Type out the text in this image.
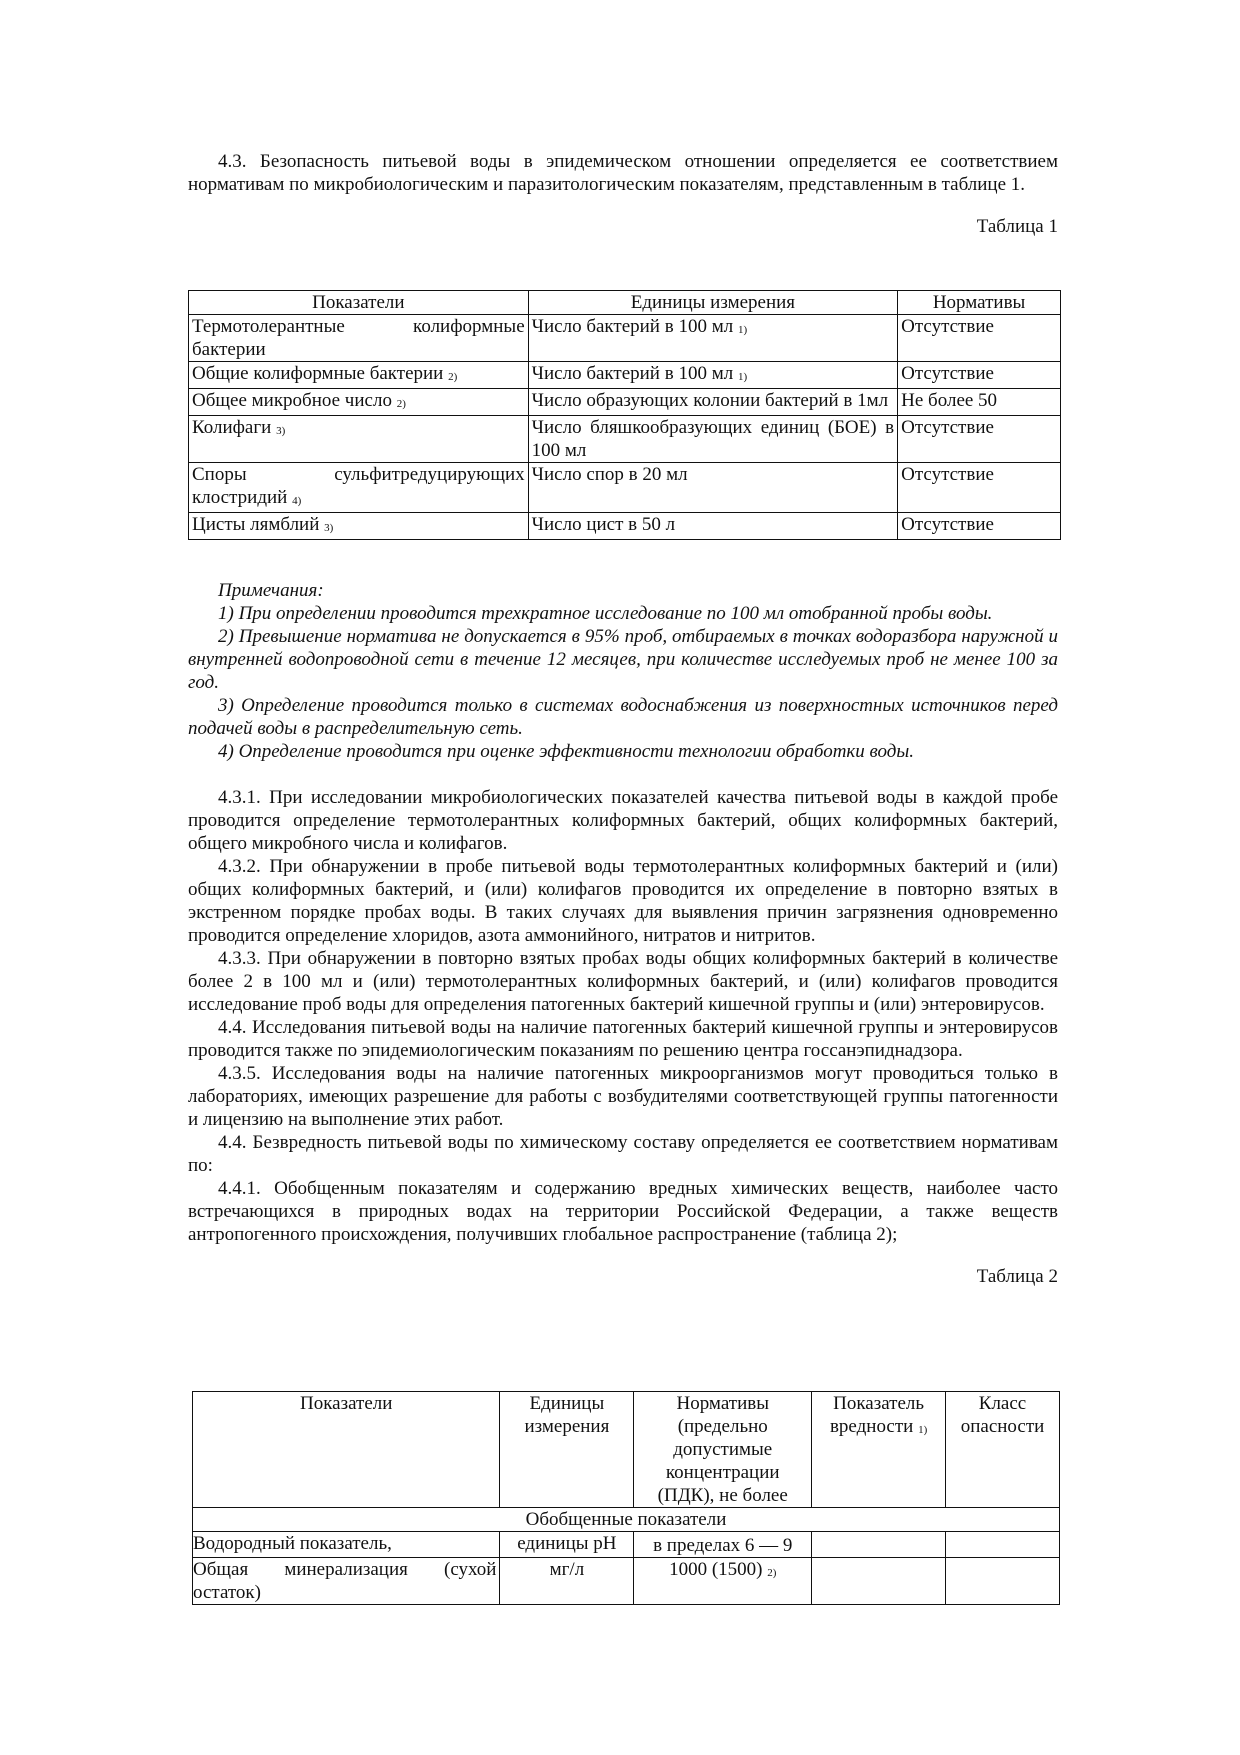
4.3. Безопасность питьевой воды в эпидемическом отношении определяется ее соответствием нормативам по микробиологическим и паразитологическим показателям, представленным в таблице 1.

Таблица 1

Показатели	Единицы измерения	Нормативы
Термотолерантные колиформные бактерии	Число бактерий в 100 мл $_{1)}$	Отсутствие
Общие колиформные бактерии $_{2)}$	Число бактерий в 100 мл $_{1)}$	Отсутствие
Общее микробное число $_{2)}$	Число образующих колонии бактерий в 1мл	Не более 50
Колифаги $_{3)}$	Число бляшкообразующих единиц (БОЕ) в 100 мл	Отсутствие
Споры сульфитредуцирующих клостридий $_{4)}$	Число спор в 20 мл	Отсутствие
Цисты лямблий $_{3)}$	Число цист в 50 л	Отсутствие

Примечания:

1) При определении проводится трехкратное исследование по 100 мл отобранной пробы воды.

2) Превышение норматива не допускается в 95% проб, отбираемых в точках водоразбора наружной и внутренней водопроводной сети в течение 12 месяцев, при количестве исследуемых проб не менее 100 за год.

3) Определение проводится только в системах водоснабжения из поверхностных источников перед подачей воды в распределительную сеть.

4) Определение проводится при оценке эффективности технологии обработки воды.

4.3.1. При исследовании микробиологических показателей качества питьевой воды в каждой пробе проводится определение термотолерантных колиформных бактерий, общих колиформных бактерий, общего микробного числа и колифагов.

4.3.2. При обнаружении в пробе питьевой воды термотолерантных колиформных бактерий и (или) общих колиформных бактерий, и (или) колифагов проводится их определение в повторно взятых в экстренном порядке пробах воды. В таких случаях для выявления причин загрязнения одновременно проводится определение хлоридов, азота аммонийного, нитратов и нитритов.

4.3.3. При обнаружении в повторно взятых пробах воды общих колиформных бактерий в количестве более 2 в 100 мл и (или) термотолерантных колиформных бактерий, и (или) колифагов проводится исследование проб воды для определения патогенных бактерий кишечной группы и (или) энтеровирусов.

4.4. Исследования питьевой воды на наличие патогенных бактерий кишечной группы и энтеровирусов проводится также по эпидемиологическим показаниям по решению центра госсанэпиднадзора.

4.3.5. Исследования воды на наличие патогенных микроорганизмов могут проводиться только в лабораториях, имеющих разрешение для работы с возбудителями соответствующей группы патогенности и лицензию на выполнение этих работ.

4.4. Безвредность питьевой воды по химическому составу определяется ее соответствием нормативам по:

4.4.1. Обобщенным показателям и содержанию вредных химических веществ, наиболее часто встречающихся в природных водах на территории Российской Федерации, а также веществ антропогенного происхождения, получивших глобальное распространение (таблица 2);

Таблица 2

Показатели	Единицы измерения	Нормативы (предельно допустимые концентрации (ПДК), не более	Показатель вредности $_{1)}$	Класс опасности
Обобщенные показатели				
Водородный показатель,	единицы pH	в пределах 6 — 9		
Общая минерализация (сухой остаток)	мг/л	1000 (1500) $_{2)}$		
